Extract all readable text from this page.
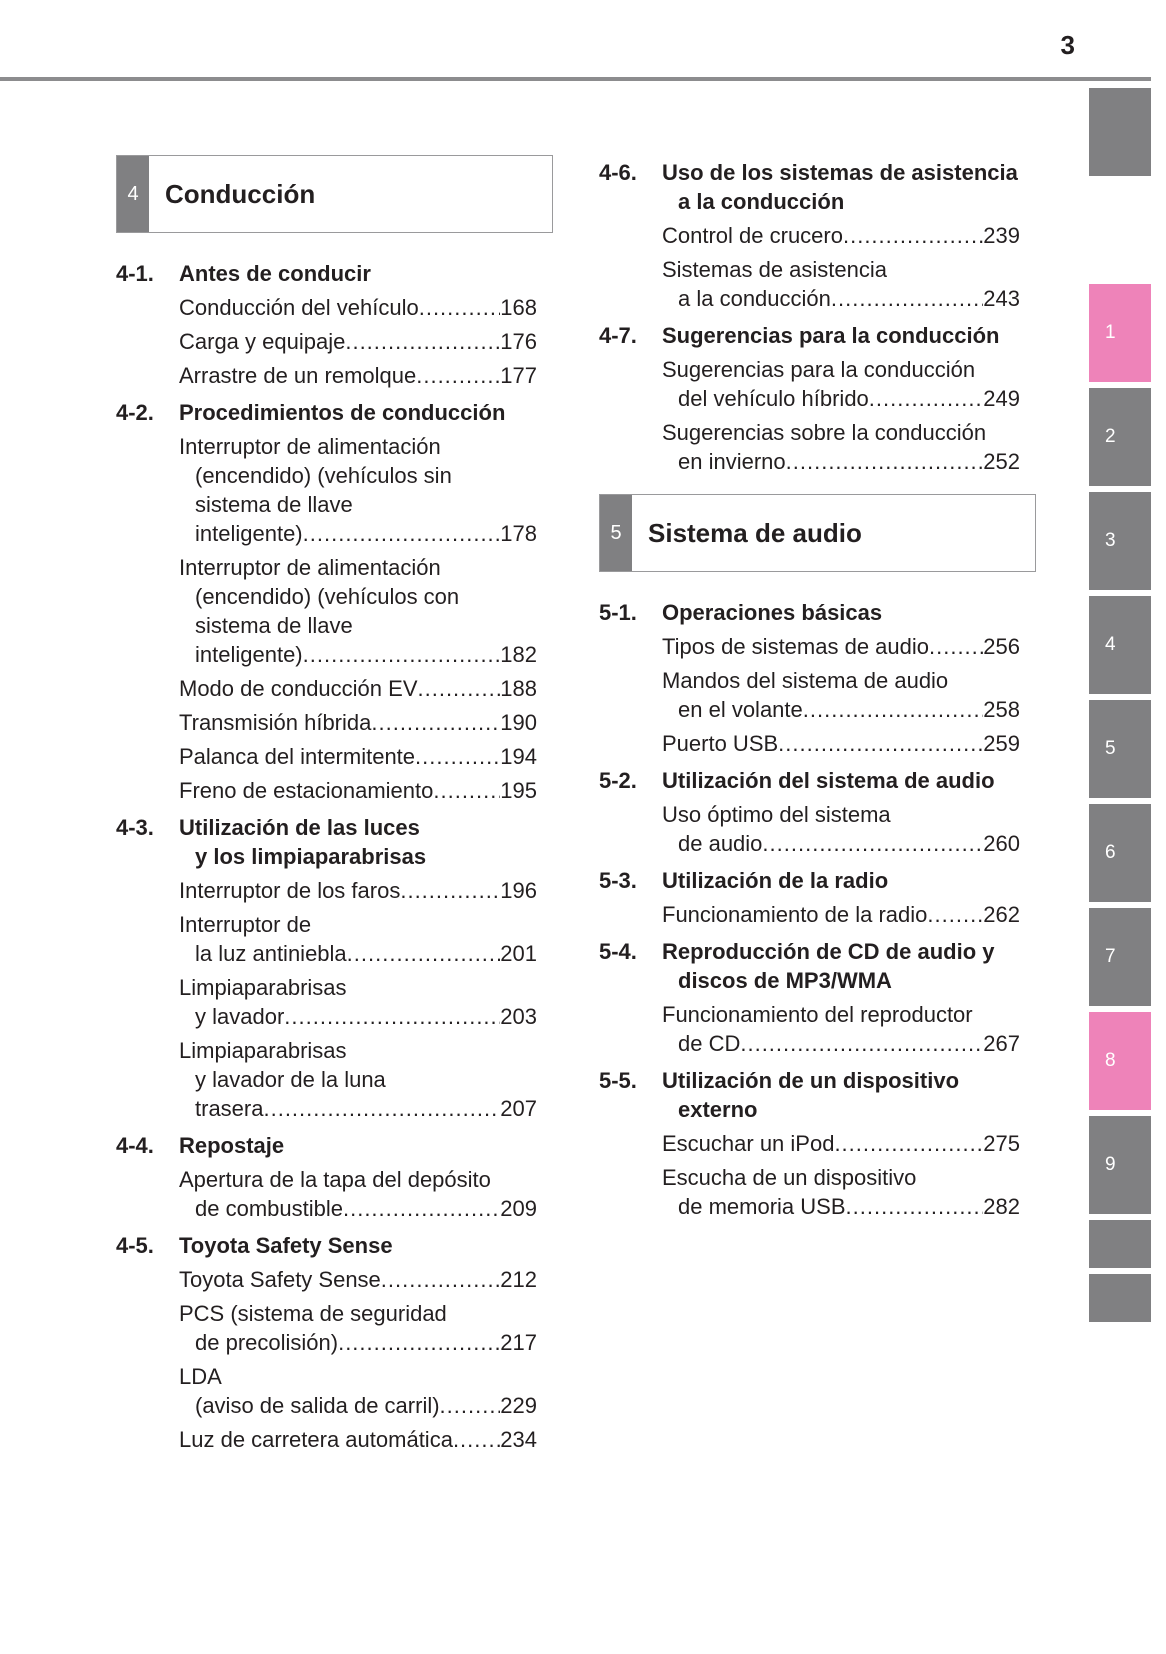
3
1
2
3
4
5
6
7
8
9
4	Conducción
4-1.	Antes de conducir
Conducción del vehículo .....	168
Carga y equipaje .....	176
Arrastre de un remolque .....	177
4-2.	Procedimientos de conducción
Interruptor de alimentación
(encendido) (vehículos sin
sistema de llave
inteligente) .....	178
Interruptor de alimentación
(encendido) (vehículos con
sistema de llave
inteligente) .....	182
Modo de conducción EV .....	188
Transmisión híbrida .....	190
Palanca del intermitente .....	194
Freno de estacionamiento .....	195
4-3.	Utilización de las luces
y los limpiaparabrisas
Interruptor de los faros .....	196
Interruptor de
la luz antiniebla .....	201
Limpiaparabrisas
y lavador .....	203
Limpiaparabrisas
y lavador de la luna
trasera .....	207
4-4.	Repostaje
Apertura de la tapa del depósito
de combustible .....	209
4-5.	Toyota Safety Sense
Toyota Safety Sense .....	212
PCS (sistema de seguridad
de precolisión) .....	217
LDA
(aviso de salida de carril) .....	229
Luz de carretera automática ..... 234
4-6.	Uso de los sistemas de asistencia
a la conducción
Control de crucero .....	239
Sistemas de asistencia
a la conducción .....	243
4-7.	Sugerencias para la conducción
Sugerencias para la conducción
del vehículo híbrido .....	249
Sugerencias sobre la conducción
en invierno .....	252
5	Sistema de audio
5-1.	Operaciones básicas
Tipos de sistemas de audio ..... 256
Mandos del sistema de audio
en el volante .....	258
Puerto USB .....	259
5-2.	Utilización del sistema de audio
Uso óptimo del sistema
de audio .....	260
5-3.	Utilización de la radio
Funcionamiento de la radio .....	262
5-4.	Reproducción de CD de audio y
discos de MP3/WMA
Funcionamiento del reproductor
de CD .....	267
5-5.	Utilización de un dispositivo
externo
Escuchar un iPod .....	275
Escucha de un dispositivo
de memoria USB .....	282
